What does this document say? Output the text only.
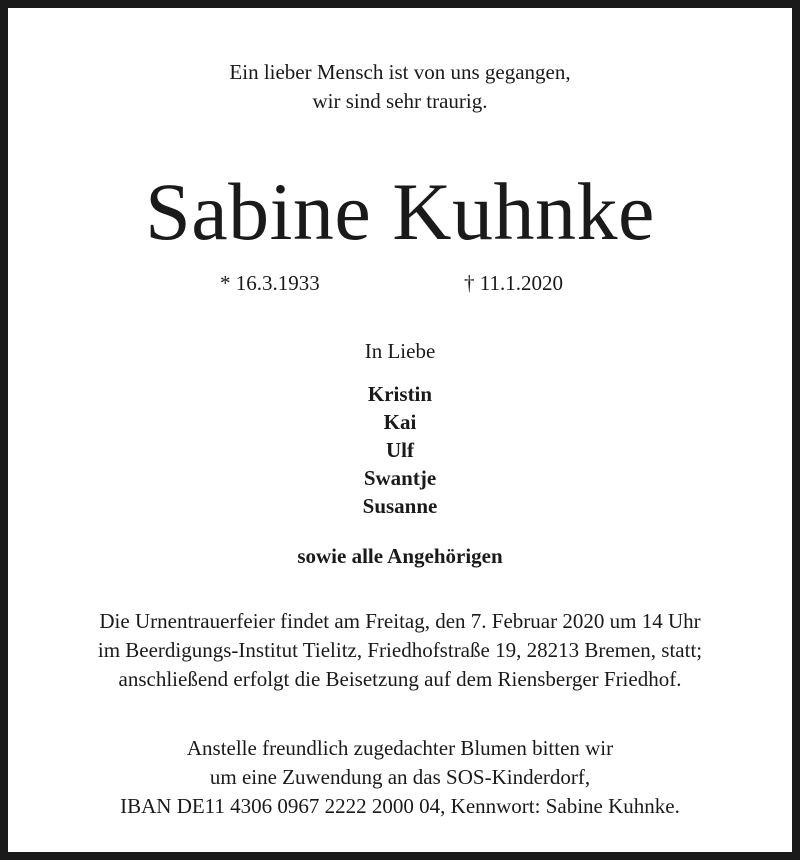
Ein lieber Mensch ist von uns gegangen,
wir sind sehr traurig.
Sabine Kuhnke
* 16.3.1933	† 11.1.2020
In Liebe
Kristin
Kai
Ulf
Swantje
Susanne
sowie alle Angehörigen
Die Urnentrauerfeier findet am Freitag, den 7. Februar 2020 um 14 Uhr
im Beerdigungs-Institut Tielitz, Friedhofstraße 19, 28213 Bremen, statt;
anschließend erfolgt die Beisetzung auf dem Riensberger Friedhof.
Anstelle freundlich zugedachter Blumen bitten wir
um eine Zuwendung an das SOS-Kinderdorf,
IBAN DE11 4306 0967 2222 2000 04, Kennwort: Sabine Kuhnke.
